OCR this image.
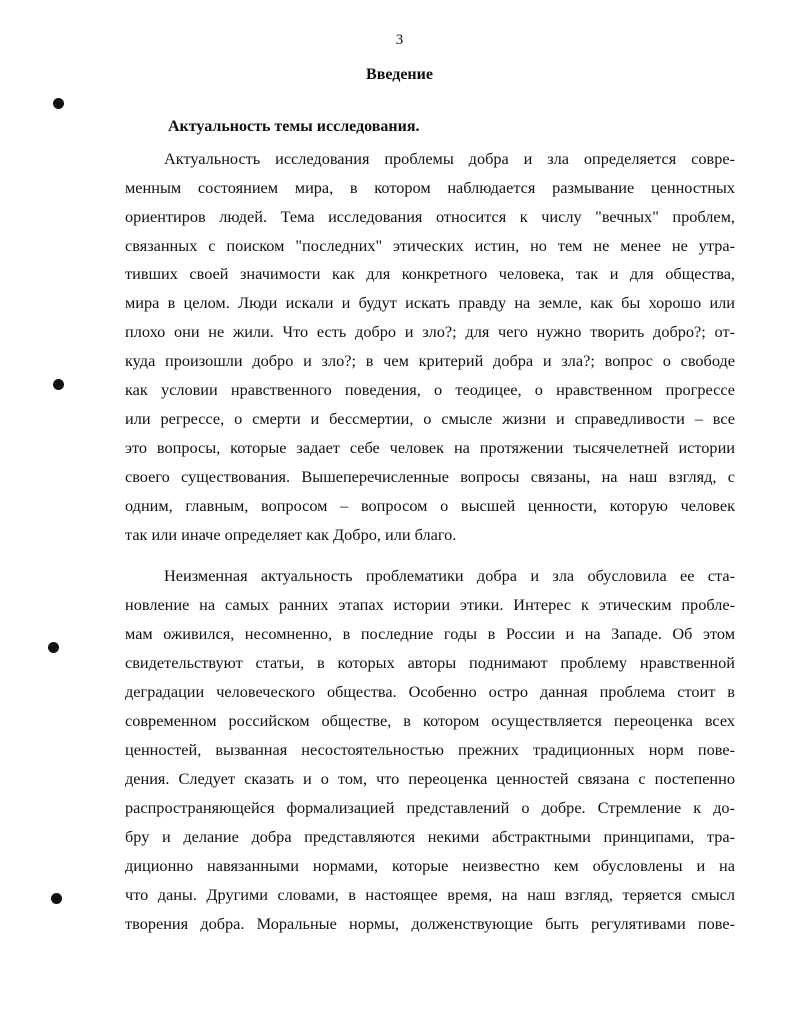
3
Введение
Актуальность темы исследования.
Актуальность исследования проблемы добра и зла определяется совре-
менным состоянием мира, в котором наблюдается размывание ценностных
ориентиров людей. Тема исследования относится к числу "вечных" проблем,
связанных с поиском "последних" этических истин, но тем не менее не утра-
тивших своей значимости как для конкретного человека, так и для общества,
мира в целом. Люди искали и будут искать правду на земле, как бы хорошо или
плохо они не жили. Что есть добро и зло?; для чего нужно творить добро?; от-
куда произошли добро и зло?; в чем критерий добра и зла?; вопрос о свободе
как условии нравственного поведения, о теодицее, о нравственном прогрессе
или регрессе, о смерти и бессмертии, о смысле жизни и справедливости – все
это вопросы, которые задает себе человек на протяжении тысячелетней истории
своего существования. Вышеперечисленные вопросы связаны, на наш взгляд, с
одним, главным, вопросом – вопросом о высшей ценности, которую человек
так или иначе определяет как Добро, или благо.
Неизменная актуальность проблематики добра и зла обусловила ее ста-
новление на самых ранних этапах истории этики. Интерес к этическим пробле-
мам оживился, несомненно, в последние годы в России и на Западе. Об этом
свидетельствуют статьи, в которых авторы поднимают проблему нравственной
деградации человеческого общества. Особенно остро данная проблема стоит в
современном российском обществе, в котором осуществляется переоценка всех
ценностей, вызванная несостоятельностью прежних традиционных норм пове-
дения. Следует сказать и о том, что переоценка ценностей связана с постепенно
распространяющейся формализацией представлений о добре. Стремление к до-
бру и делание добра представляются некими абстрактными принципами, тра-
диционно навязанными нормами, которые неизвестно кем обусловлены и на
что даны. Другими словами, в настоящее время, на наш взгляд, теряется смысл
творения добра. Моральные нормы, долженствующие быть регулятивами пове-
